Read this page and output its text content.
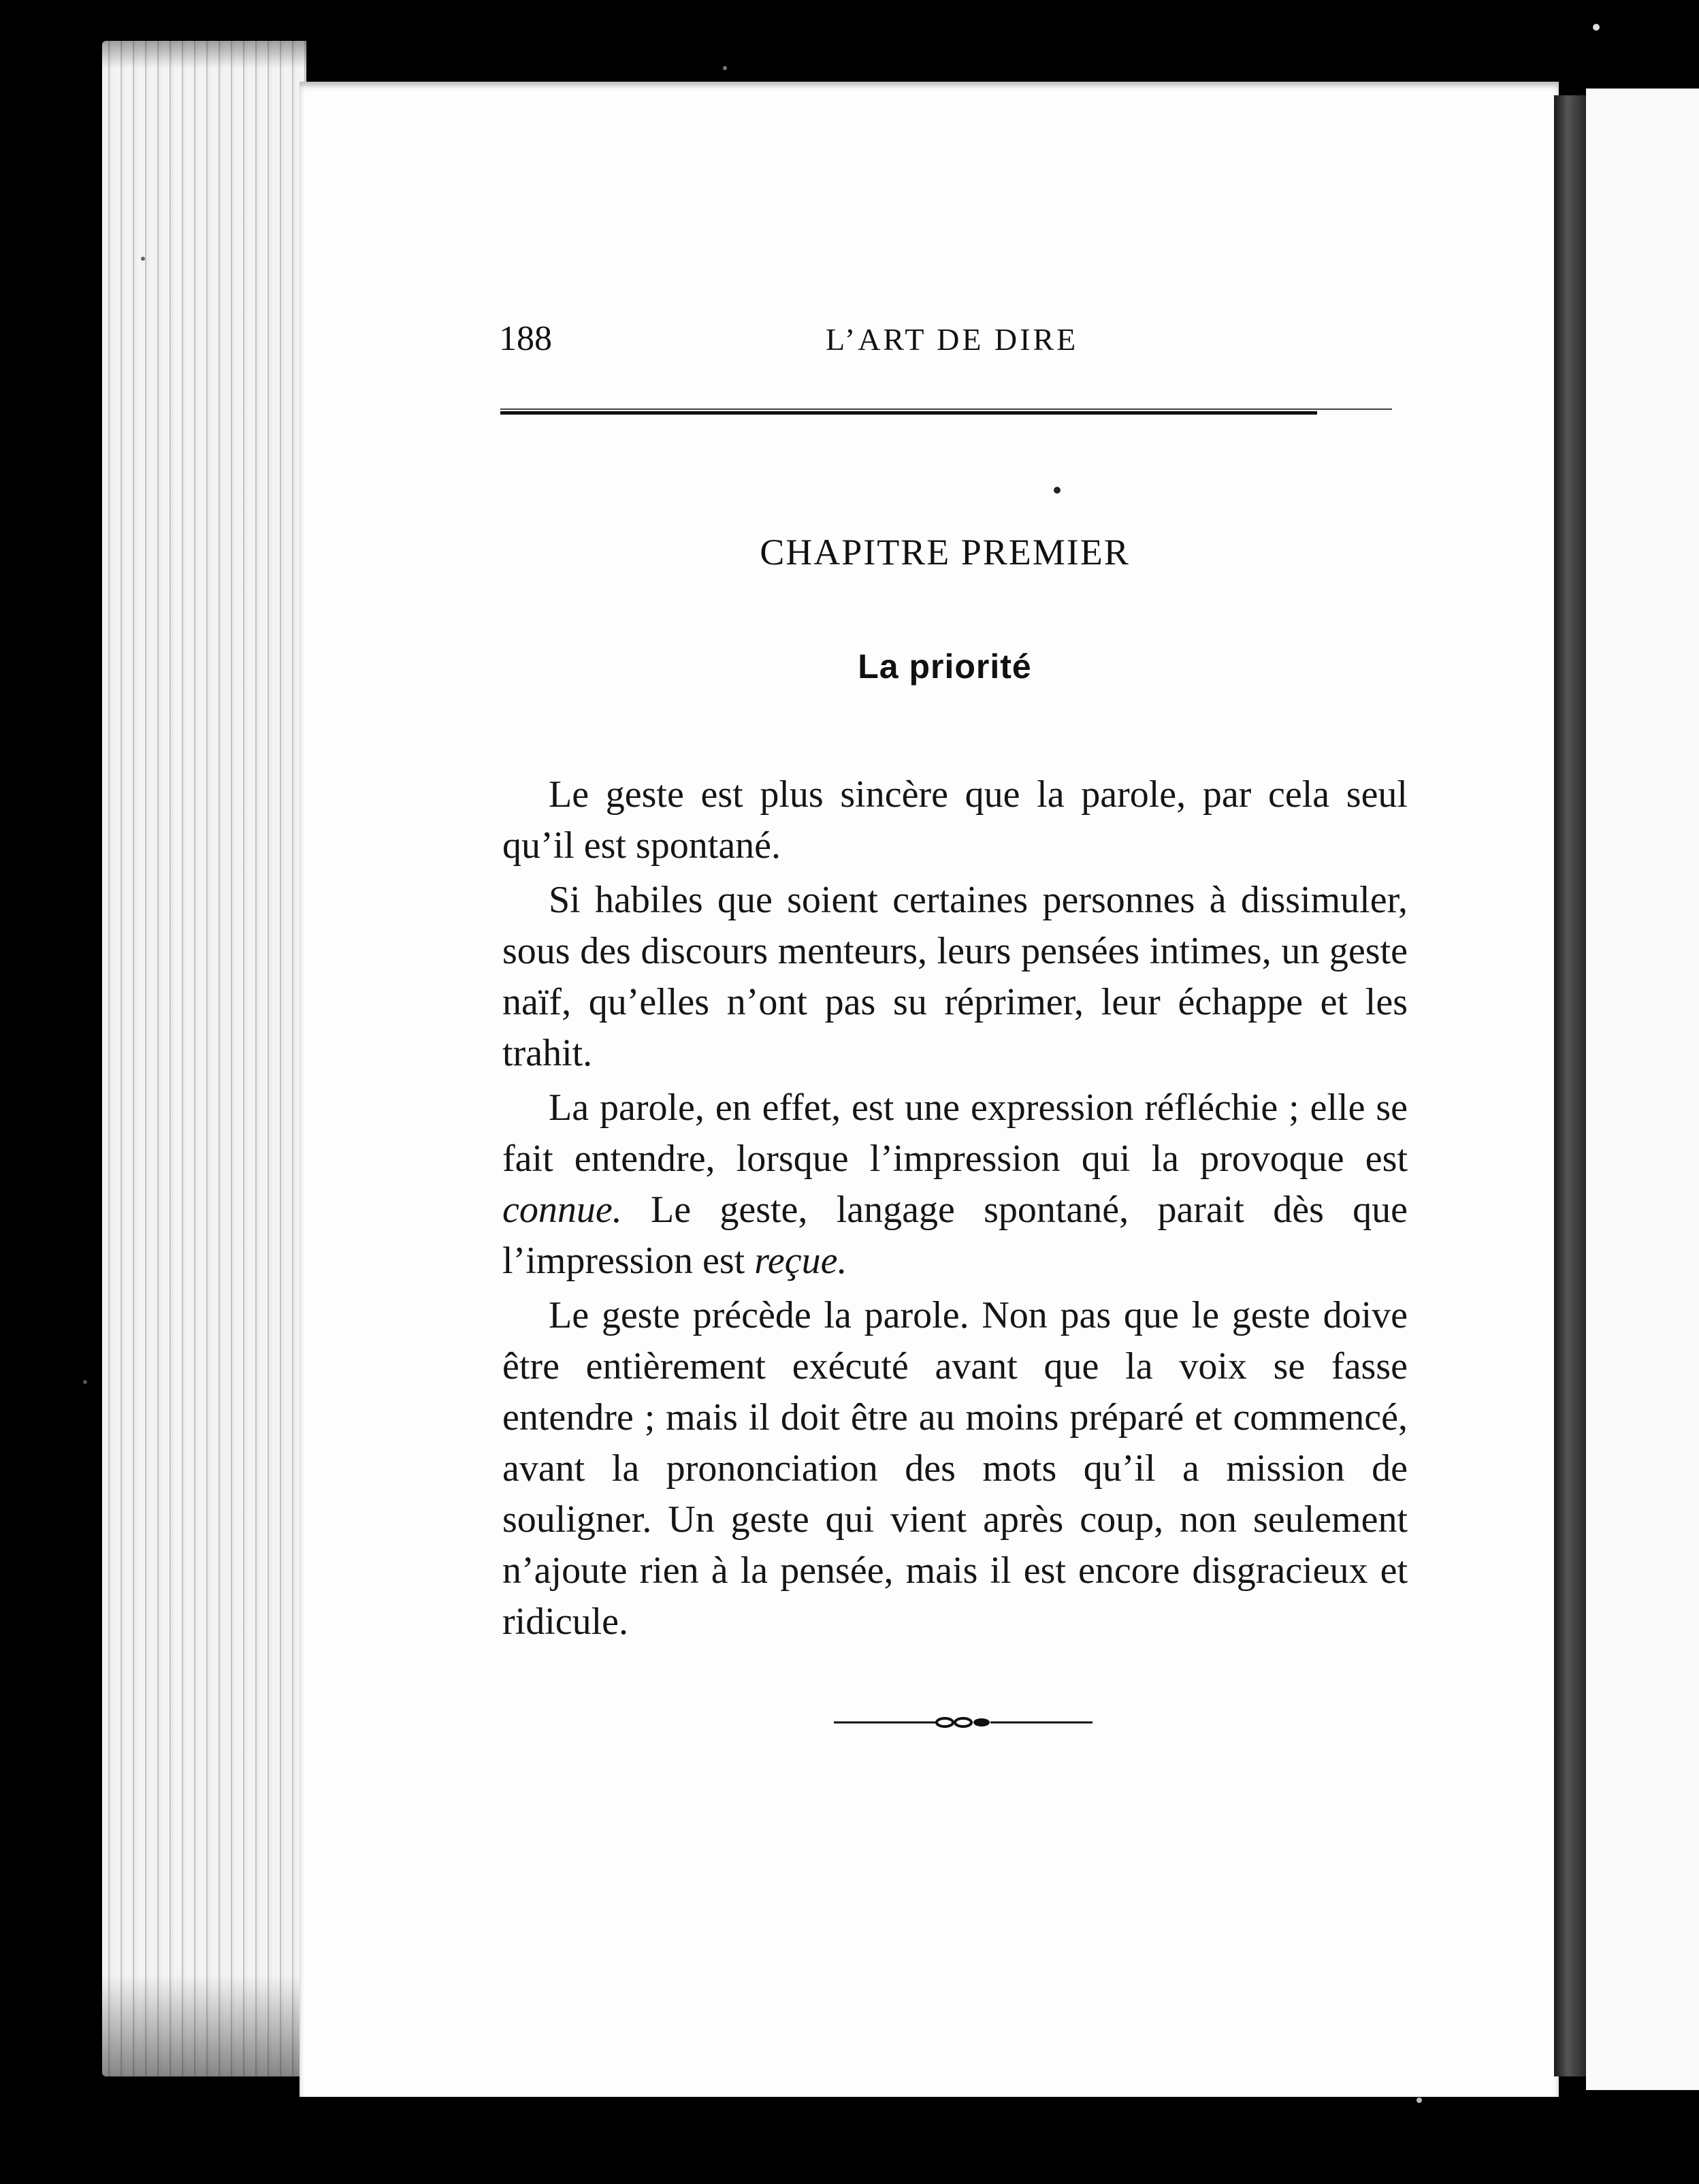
188	L’ART DE DIRE
CHAPITRE PREMIER
La priorité

Le geste est plus sincère que la parole, par cela seul qu’il est spontané.

Si habiles que soient certaines personnes à dissimuler, sous des discours menteurs, leurs pensées intimes, un geste naïf, qu’elles n’ont pas su réprimer, leur échappe et les trahit.

La parole, en effet, est une expression réfléchie ; elle se fait entendre, lorsque l’impression qui la provoque est connue. Le geste, langage spontané, parait dès que l’impression est reçue.

Le geste précède la parole. Non pas que le geste doive être entièrement exécuté avant que la voix se fasse entendre ; mais il doit être au moins préparé et commencé, avant la prononciation des mots qu’il a mission de souligner. Un geste qui vient après coup, non seulement n’ajoute rien à la pensée, mais il est encore disgracieux et ridicule.
